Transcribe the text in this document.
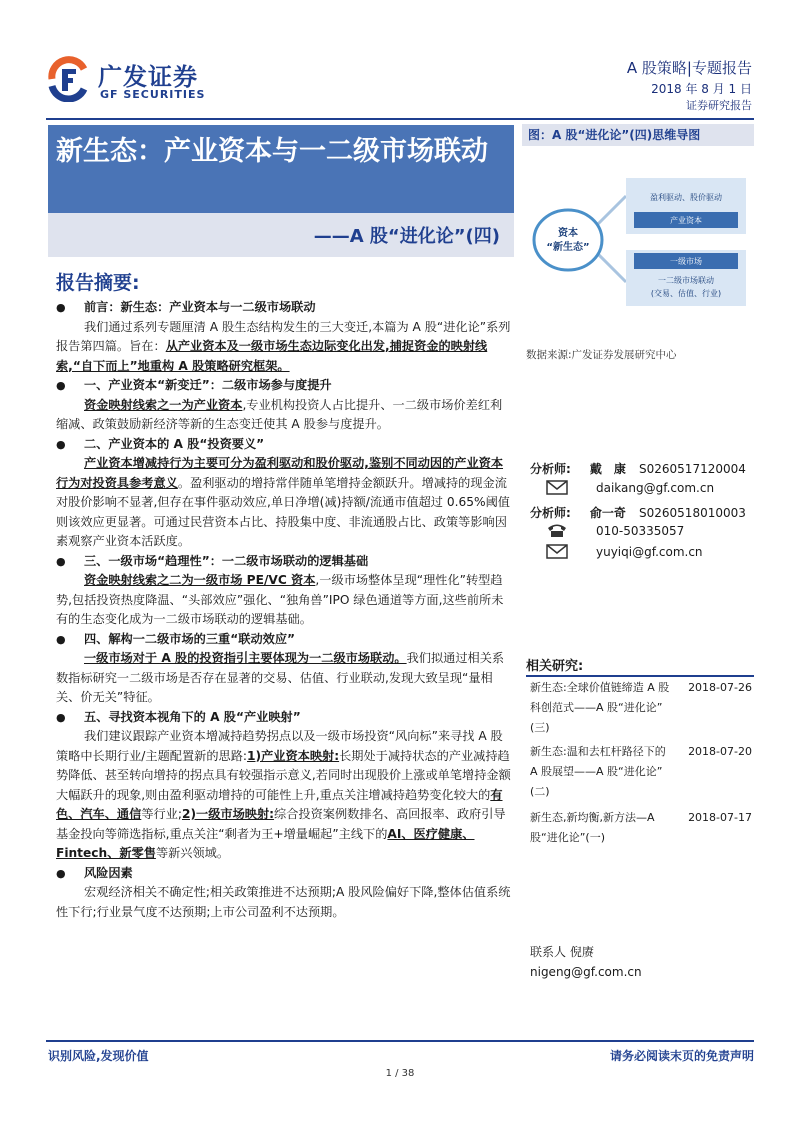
广发证券
GF SECURITIES
A 股策略|专题报告
2018 年 8 月 1 日
证券研究报告
新生态：产业资本与一二级市场联动
——A 股“进化论”(四)
报告摘要:

● 前言：新生态：产业资本与一二级市场联动

我们通过系列专题厘清 A 股生态结构发生的三大变迁,本篇为 A 股“进化论”系列报告第四篇。旨在：从产业资本及一级市场生态边际变化出发,捕捉资金的映射线索,“自下而上”地重构 A 股策略研究框架。

● 一、产业资本“新变迁”：二级市场参与度提升

资金映射线索之一为产业资本,专业机构投资人占比提升、一二级市场价差红利缩减、政策鼓励新经济等新的生态变迁使其 A 股参与度提升。

● 二、产业资本的 A 股“投资要义”

产业资本增减持行为主要可分为盈利驱动和股价驱动,鉴别不同动因的产业资本行为对投资具参考意义。盈利驱动的增持常伴随单笔增持金额跃升。增减持的现金流对股价影响不显著,但存在事件驱动效应,单日净增(减)持额/流通市值超过 0.65%阈值则该效应更显著。可通过民营资本占比、持股集中度、非流通股占比、政策等影响因素观察产业资本活跃度。

● 三、一级市场“趋理性”：一二级市场联动的逻辑基础

资金映射线索之二为一级市场 PE/VC 资本,一级市场整体呈现“理性化”转型趋势,包括投资热度降温、“头部效应”强化、“独角兽”IPO 绿色通道等方面,这些前所未有的生态变化成为一二级市场联动的逻辑基础。

● 四、解构一二级市场的三重“联动效应”

一级市场对于 A 股的投资指引主要体现为一二级市场联动。我们拟通过相关系数指标研究一二级市场是否存在显著的交易、估值、行业联动,发现大致呈现“量相关、价无关”特征。

● 五、寻找资本视角下的 A 股“产业映射”

我们建议跟踪产业资本增减持趋势拐点以及一级市场投资“风向标”来寻找 A 股策略中长期行业/主题配置新的思路:1)产业资本映射:长期处于减持状态的产业减持趋势降低、甚至转向增持的拐点具有较强指示意义,若同时出现股价上涨或单笔增持金额大幅跃升的现象,则由盈利驱动增持的可能性上升,重点关注增减持趋势变化较大的有色、汽车、通信等行业;2)一级市场映射:综合投资案例数排名、高回报率、政府引导基金投向等筛选指标,重点关注“剩者为王+增量崛起”主线下的AI、医疗健康、Fintech、新零售等新兴领域。

● 风险因素

宏观经济相关不确定性;相关政策推进不达预期;A 股风险偏好下降,整体估值系统性下行;行业景气度不达预期;上市公司盈利不达预期。

图：A 股“进化论”(四)思维导图
资本
“新生态”
盈利驱动、股价驱动
产业资本
一级市场
一二级市场联动
(交易、估值、行业)
数据来源:广发证券发展研究中心
分析师: 戴　康 S0260517120004
daikang@gf.com.cn
分析师: 俞一奇 S0260518010003
010-50335057
yuyiqi@gf.com.cn
相关研究:
新生态:全球价值链缔造 A 股
科创范式——A 股“进化论”
(三)
2018-07-26
新生态:温和去杠杆路径下的
A 股展望——A 股“进化论”
(二)
2018-07-20
新生态,新均衡,新方法—A
股“进化论”(一)
2018-07-17
联系人 倪赓
nigeng@gf.com.cn
识别风险,发现价值	请务必阅读末页的免责声明
1 / 38
